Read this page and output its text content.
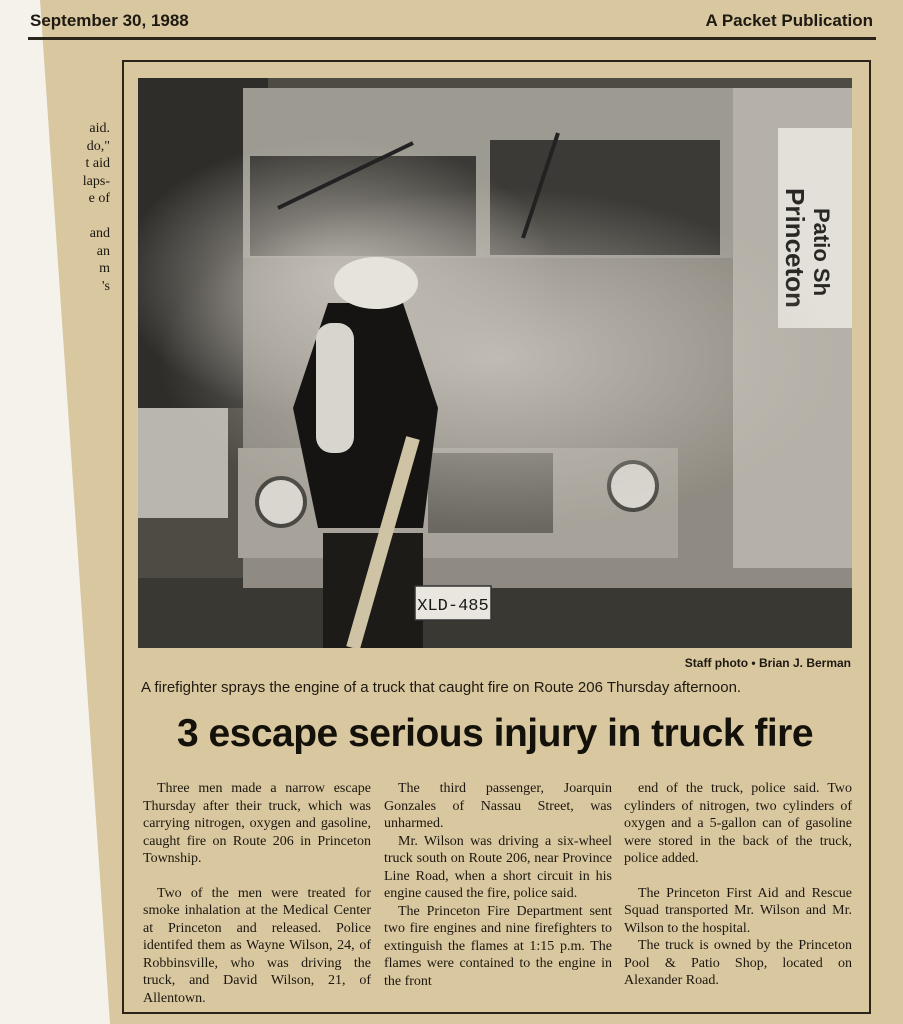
September 30, 1988	A Packet Publication
aid.
do,"
t aid
laps-
e of

and
an
m
's	Princeton Patio Sh
XLD-485
Staff photo • Brian J. Berman
A firefighter sprays the engine of a truck that caught fire on Route 206 Thursday afternoon.
3 escape serious injury in truck fire

Three men made a narrow escape Thursday after their truck, which was carrying nitrogen, oxygen and gasoline, caught fire on Route 206 in Princeton Township.

Two of the men were treated for smoke inhalation at the Medical Center at Princeton and released. Police identifed them as Wayne Wilson, 24, of Robbinsville, who was driving the truck, and David Wilson, 21, of Allentown.

The third passenger, Joarquin Gonzales of Nassau Street, was unharmed.

Mr. Wilson was driving a six-wheel truck south on Route 206, near Province Line Road, when a short circuit in his engine caused the fire, police said.

The Princeton Fire Department sent two fire engines and nine firefighters to extinguish the flames at 1:15 p.m. The flames were contained to the engine in the front

end of the truck, police said. Two cylinders of nitrogen, two cylinders of oxygen and a 5-gallon can of gasoline were stored in the back of the truck, police added.

The Princeton First Aid and Rescue Squad transported Mr. Wilson and Mr. Wilson to the hospital.

The truck is owned by the Princeton Pool & Patio Shop, located on Alexander Road.
